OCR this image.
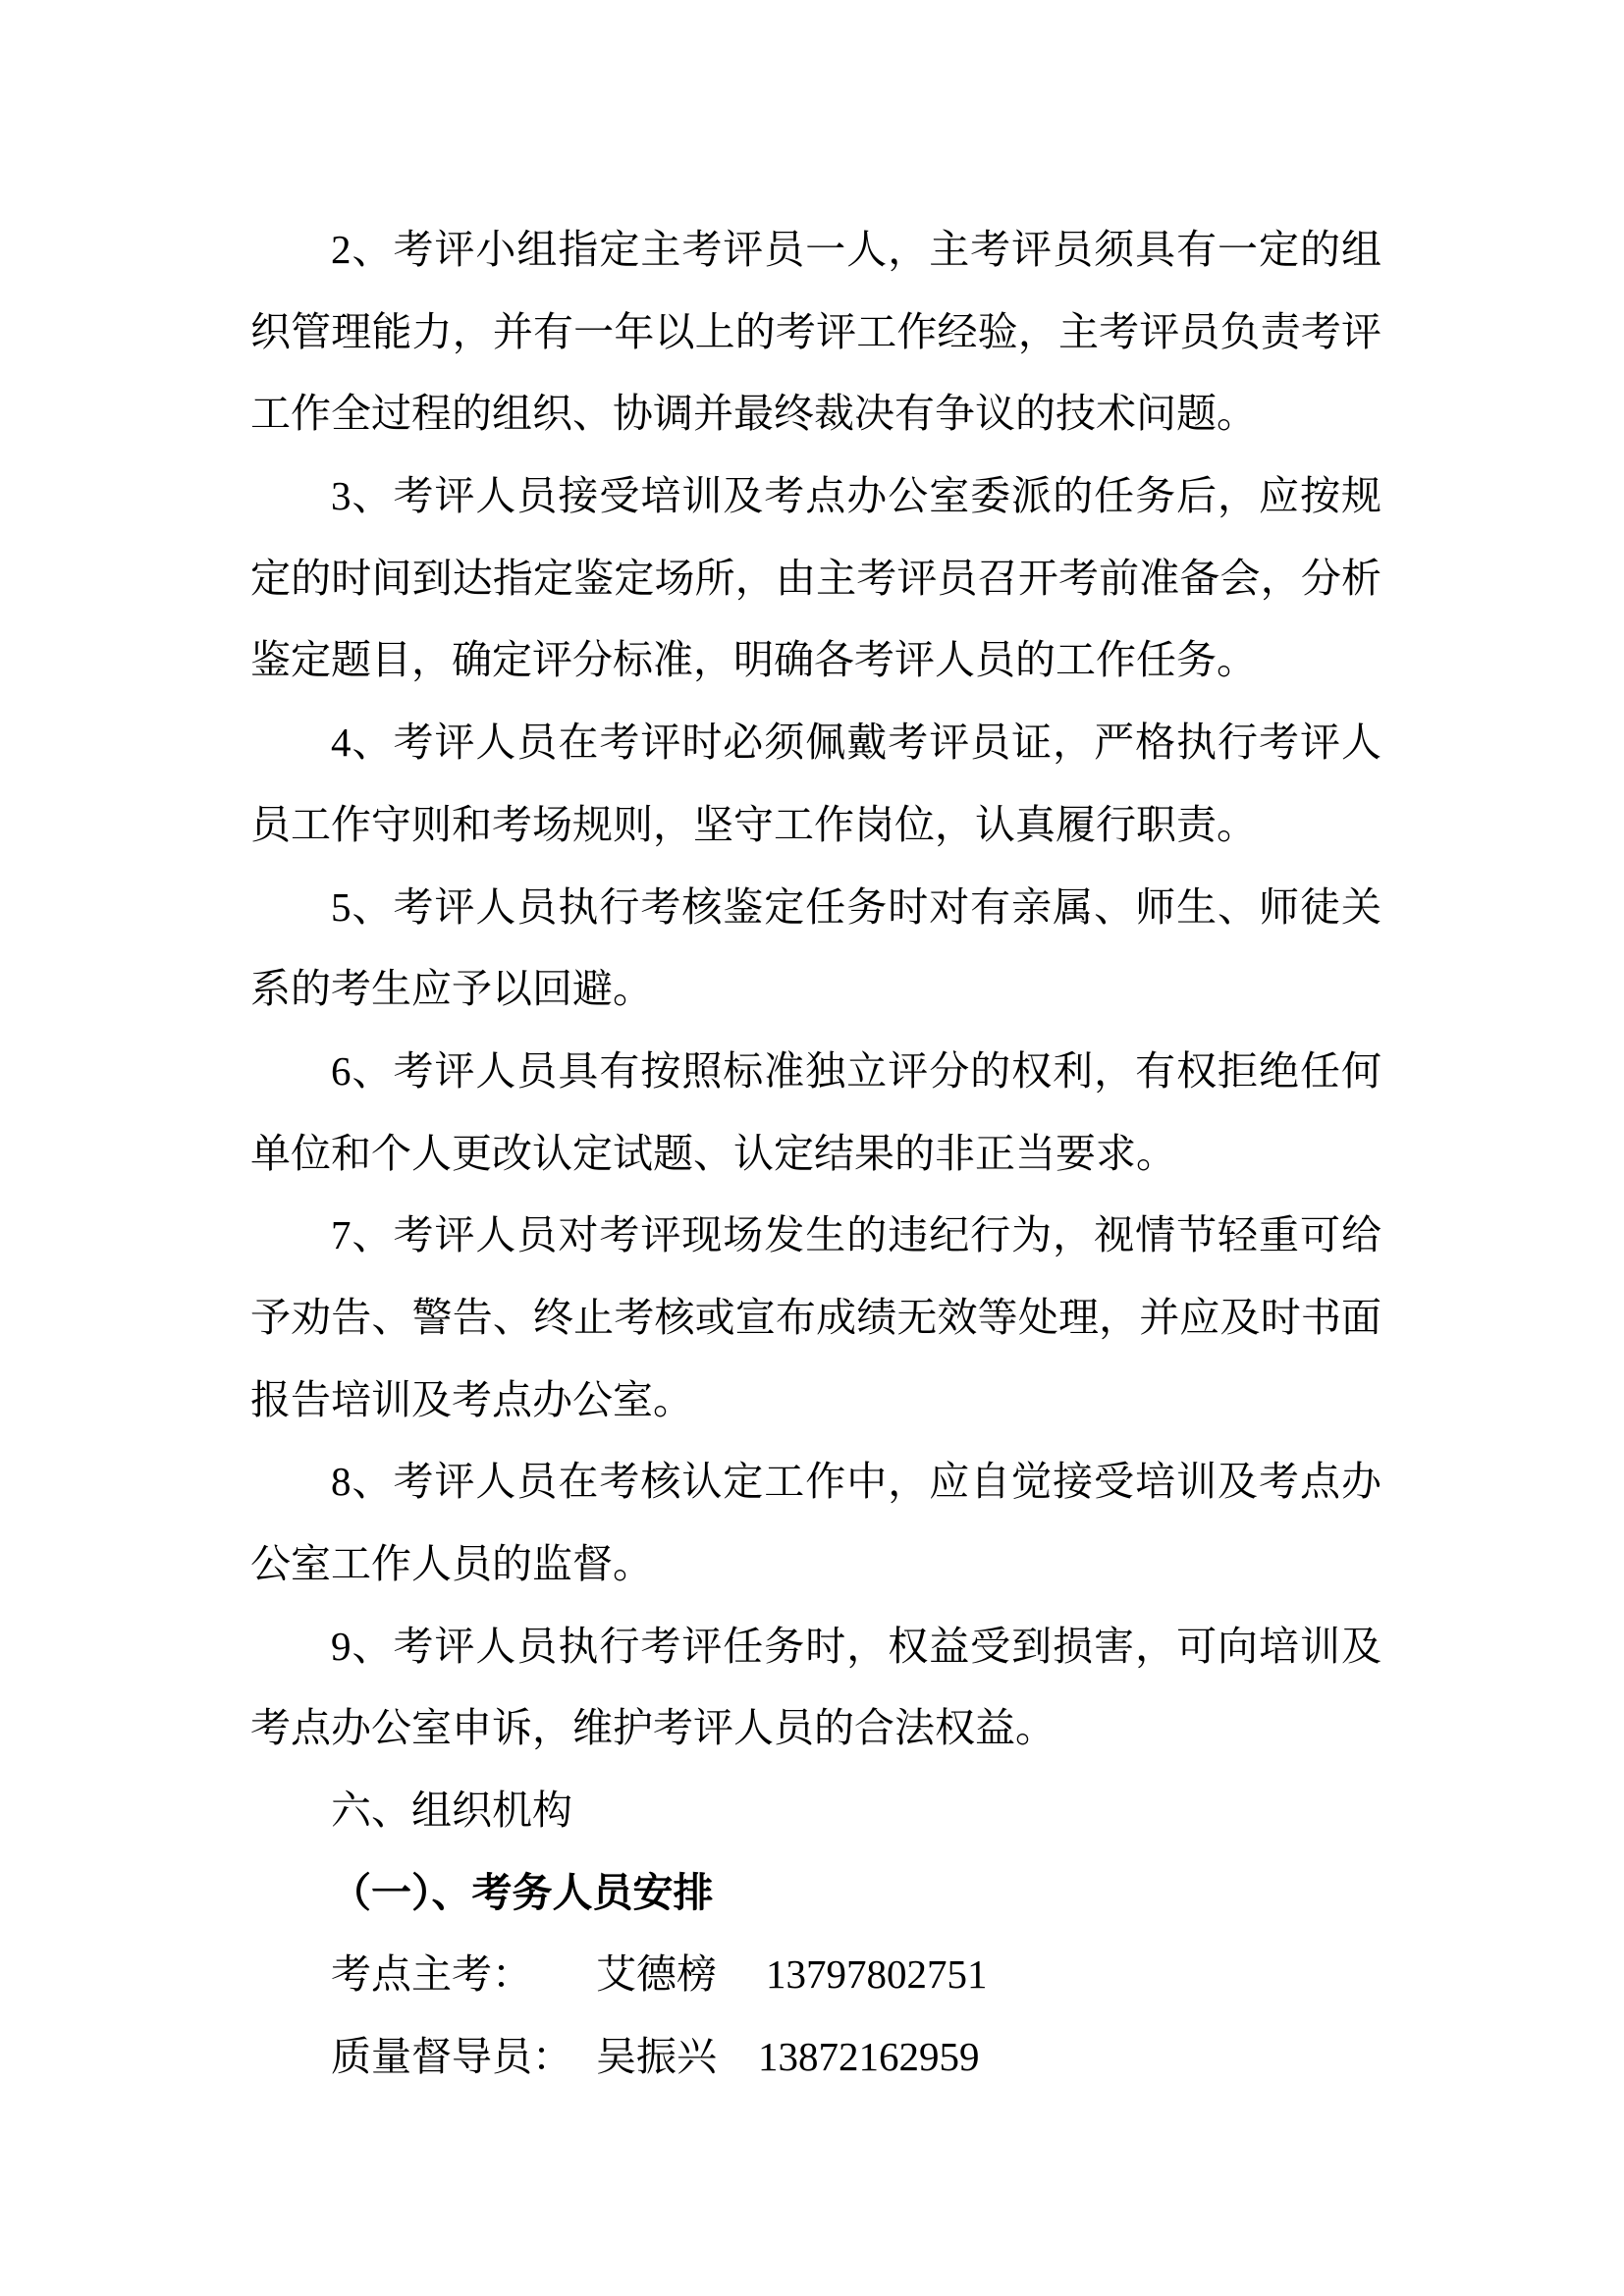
2、考评小组指定主考评员一人，主考评员须具有一定的组
织管理能力，并有一年以上的考评工作经验，主考评员负责考评
工作全过程的组织、协调并最终裁决有争议的技术问题。
3、考评人员接受培训及考点办公室委派的任务后，应按规
定的时间到达指定鉴定场所，由主考评员召开考前准备会，分析
鉴定题目，确定评分标准，明确各考评人员的工作任务。
4、考评人员在考评时必须佩戴考评员证，严格执行考评人
员工作守则和考场规则，坚守工作岗位，认真履行职责。
5、考评人员执行考核鉴定任务时对有亲属、师生、师徒关
系的考生应予以回避。
6、考评人员具有按照标准独立评分的权利，有权拒绝任何
单位和个人更改认定试题、认定结果的非正当要求。
7、考评人员对考评现场发生的违纪行为，视情节轻重可给
予劝告、警告、终止考核或宣布成绩无效等处理，并应及时书面
报告培训及考点办公室。
8、考评人员在考核认定工作中，应自觉接受培训及考点办
公室工作人员的监督。
9、考评人员执行考评任务时，权益受到损害，可向培训及
考点办公室申诉，维护考评人员的合法权益。
六、组织机构
（一）、考务人员安排
考点主考： 艾德榜 13797802751
质量督导员： 吴振兴 13872162959
